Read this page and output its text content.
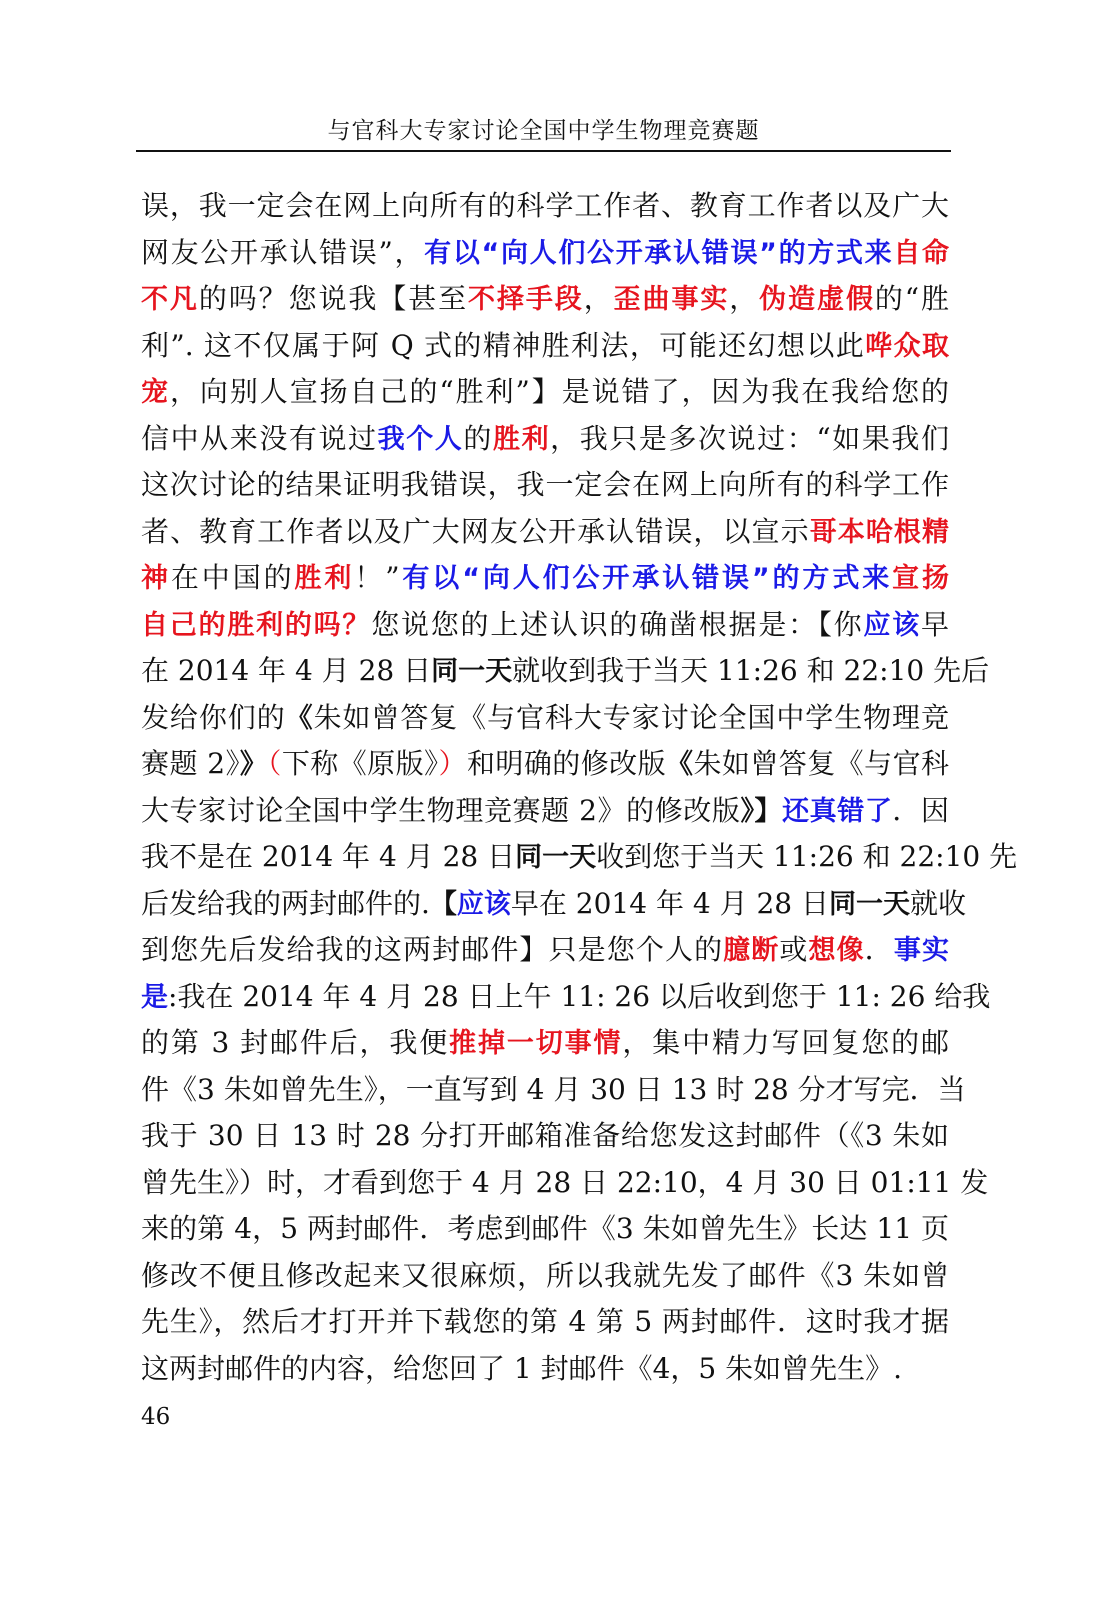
与官科大专家讨论全国中学生物理竞赛题
误，我一定会在网上向所有的科学工作者、教育工作者以及广大
网友公开承认错误”，有以“向人们公开承认错误”的方式来自命
不凡的吗？您说我【甚至不择手段，歪曲事实，伪造虚假的“胜
利”. 这不仅属于阿 Q 式的精神胜利法，可能还幻想以此哗众取
宠，向别人宣扬自己的“胜利”】是说错了，因为我在我给您的
信中从来没有说过我个人的胜利，我只是多次说过：“如果我们
这次讨论的结果证明我错误，我一定会在网上向所有的科学工作
者、教育工作者以及广大网友公开承认错误，以宣示哥本哈根精
神在中国的胜利！”有以“向人们公开承认错误”的方式来宣扬
自己的胜利的吗？您说您的上述认识的确凿根据是：【你应该早
在 2014 年 4 月 28 日同一天就收到我于当天 11:26 和 22:10 先后
发给你们的《朱如曾答复《与官科大专家讨论全国中学生物理竞
赛题 2》》（下称《原版》）和明确的修改版《朱如曾答复《与官科
大专家讨论全国中学生物理竞赛题 2》的修改版》】还真错了．因
我不是在 2014 年 4 月 28 日同一天收到您于当天 11:26 和 22:10 先
后发给我的两封邮件的.【应该早在 2014 年 4 月 28 日同一天就收
到您先后发给我的这两封邮件】只是您个人的臆断或想像．事实
是:我在 2014 年 4 月 28 日上午 11: 26 以后收到您于 11: 26 给我
的第 3 封邮件后，我便推掉一切事情，集中精力写回复您的邮
件《3 朱如曾先生》，一直写到 4 月 30 日 13 时 28 分才写完．当
我于 30 日 13 时 28 分打开邮箱准备给您发这封邮件（《3 朱如
曾先生》）时，才看到您于 4 月 28 日 22:10，4 月 30 日 01:11 发
来的第 4，5 两封邮件．考虑到邮件《3 朱如曾先生》长达 11 页
修改不便且修改起来又很麻烦，所以我就先发了邮件《3 朱如曾
先生》，然后才打开并下载您的第 4 第 5 两封邮件．这时我才据
这两封邮件的内容，给您回了 1 封邮件《4，5 朱如曾先生》.
46
